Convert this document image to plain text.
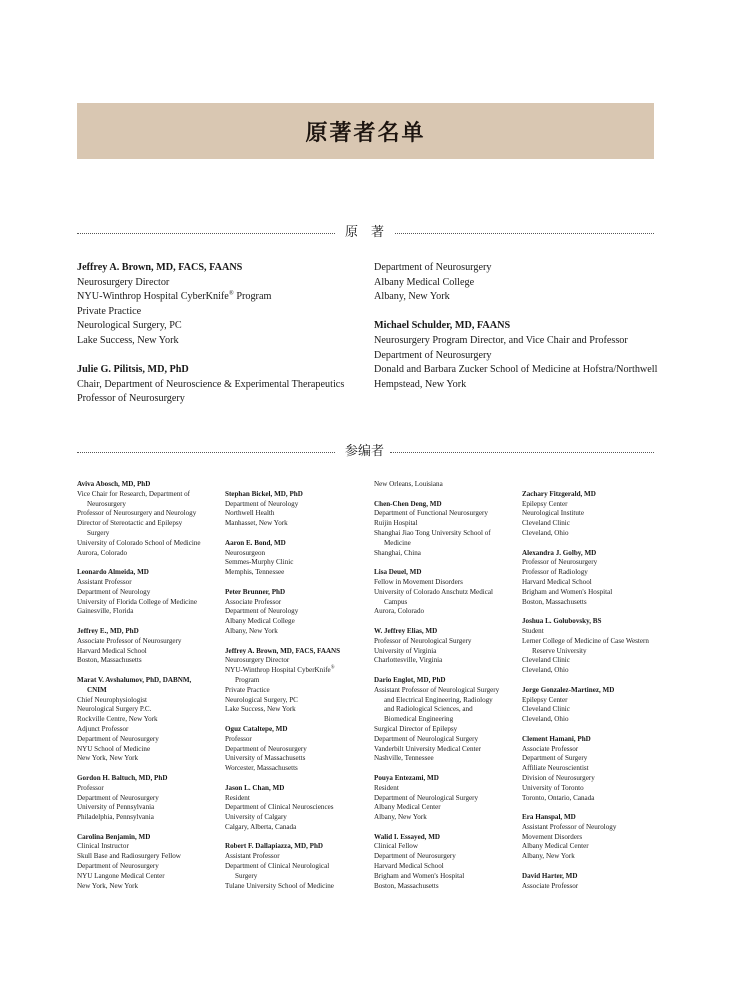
原著者名单
原　著
Jeffrey A. Brown, MD, FACS, FAANS
Neurosurgery Director
NYU-Winthrop Hospital CyberKnife® Program
Private Practice
Neurological Surgery, PC
Lake Success, New York
Julie G. Pilitsis, MD, PhD
Chair, Department of Neuroscience & Experimental Therapeutics
Professor of Neurosurgery
Department of Neurosurgery
Albany Medical College
Albany, New York
Michael Schulder, MD, FAANS
Neurosurgery Program Director, and Vice Chair and Professor
Department of Neurosurgery
Donald and Barbara Zucker School of Medicine at Hofstra/Northwell
Hempstead, New York
参编者
Aviva Abosch, MD, PhD
Vice Chair for Research, Department of
Neurosurgery
Professor of Neurosurgery and Neurology
Director of Stereotactic and Epilepsy
Surgery
University of Colorado School of Medicine
Aurora, Colorado
Leonardo Almeida, MD
Assistant Professor
Department of Neurology
University of Florida College of Medicine
Gainesville, Florida
Jeffrey E., MD, PhD
Associate Professor of Neurosurgery
Harvard Medical School
Boston, Massachusetts
Marat V. Avshalumov, PhD, DABNM,
CNIM
Chief Neurophysiologist
Neurological Surgery P.C.
Rockville Centre, New York
Adjunct Professor
Department of Neurosurgery
NYU School of Medicine
New York, New York
Gordon H. Baltuch, MD, PhD
Professor
Department of Neurosurgery
University of Pennsylvania
Philadelphia, Pennsylvania
Carolina Benjamin, MD
Clinical Instructor
Skull Base and Radiosurgery Fellow
Department of Neurosurgery
NYU Langone Medical Center
New York, New York
Stephan Bickel, MD, PhD
Department of Neurology
Northwell Health
Manhasset, New York
Aaron E. Bond, MD
Neurosurgeon
Semmes-Murphy Clinic
Memphis, Tennessee
Peter Brunner, PhD
Associate Professor
Department of Neurology
Albany Medical College
Albany, New York
Jeffrey A. Brown, MD, FACS, FAANS
Neurosurgery Director
NYU-Winthrop Hospital CyberKnife®
Program
Private Practice
Neurological Surgery, PC
Lake Success, New York
Oguz Cataltepe, MD
Professor
Department of Neurosurgery
University of Massachusetts
Worcester, Massachusetts
Jason L. Chan, MD
Resident
Department of Clinical Neurosciences
University of Calgary
Calgary, Alberta, Canada
Robert F. Dallapiazza, MD, PhD
Assistant Professor
Department of Clinical Neurological
Surgery
Tulane University School of Medicine
New Orleans, Louisiana
Chen-Chen Deng, MD
Department of Functional Neurosurgery
Ruijin Hospital
Shanghai Jiao Tong University School of
Medicine
Shanghai, China
Lisa Deuel, MD
Fellow in Movement Disorders
University of Colorado Anschutz Medical
Campus
Aurora, Colorado
W. Jeffrey Elias, MD
Professor of Neurological Surgery
University of Virginia
Charlottesville, Virginia
Dario Englot, MD, PhD
Assistant Professor of Neurological Surgery
and Electrical Engineering, Radiology
and Radiological Sciences, and
Biomedical Engineering
Surgical Director of Epilepsy
Department of Neurological Surgery
Vanderbilt University Medical Center
Nashville, Tennessee
Pouya Entezami, MD
Resident
Department of Neurological Surgery
Albany Medical Center
Albany, New York
Walid I. Essayed, MD
Clinical Fellow
Department of Neurosurgery
Harvard Medical School
Brigham and Women's Hospital
Boston, Massachusetts
Zachary Fitzgerald, MD
Epilepsy Center
Neurological Institute
Cleveland Clinic
Cleveland, Ohio
Alexandra J. Golby, MD
Professor of Neurosurgery
Professor of Radiology
Harvard Medical School
Brigham and Women's Hospital
Boston, Massachusetts
Joshua L. Golubovsky, BS
Student
Lerner College of Medicine of Case Western
Reserve University
Cleveland Clinic
Cleveland, Ohio
Jorge Gonzalez-Martinez, MD
Epilepsy Center
Cleveland Clinic
Cleveland, Ohio
Clement Hamani, PhD
Associate Professor
Department of Surgery
Affiliate Neuroscientist
Division of Neurosurgery
University of Toronto
Toronto, Ontario, Canada
Era Hanspal, MD
Assistant Professor of Neurology
Movement Disorders
Albany Medical Center
Albany, New York
David Harter, MD
Associate Professor
